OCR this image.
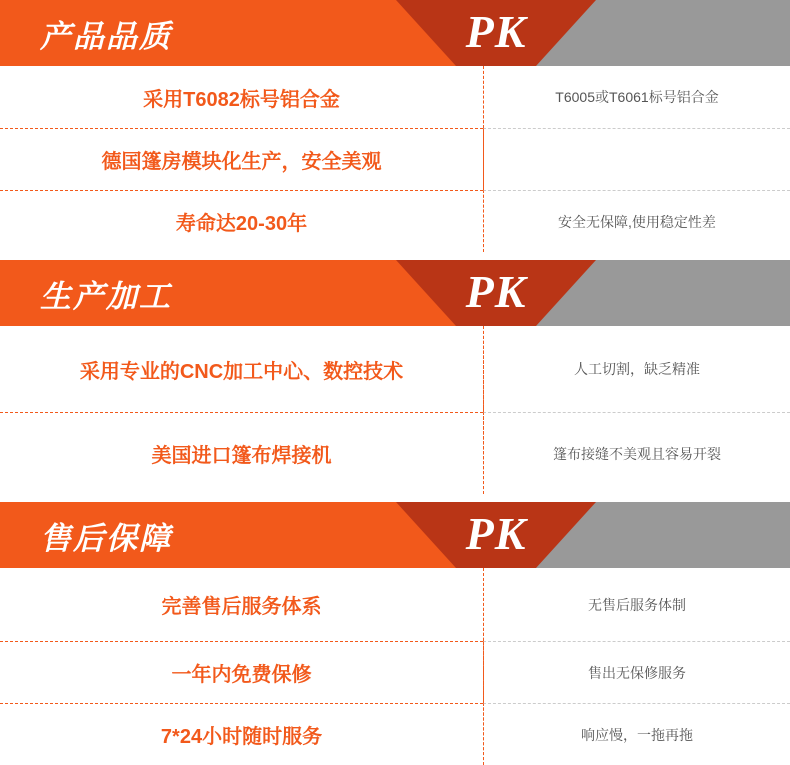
产品品质	PK
采用T6082标号铝合金	T6005或T6061标号铝合金
德国篷房模块化生产，安全美观
寿命达20-30年	安全无保障,使用稳定性差
生产加工	PK
采用专业的CNC加工中心、数控技术	人工切割，缺乏精准
美国进口篷布焊接机	篷布接缝不美观且容易开裂
售后保障	PK
完善售后服务体系	无售后服务体制
一年内免费保修	售出无保修服务
7*24小时随时服务	响应慢，一拖再拖
